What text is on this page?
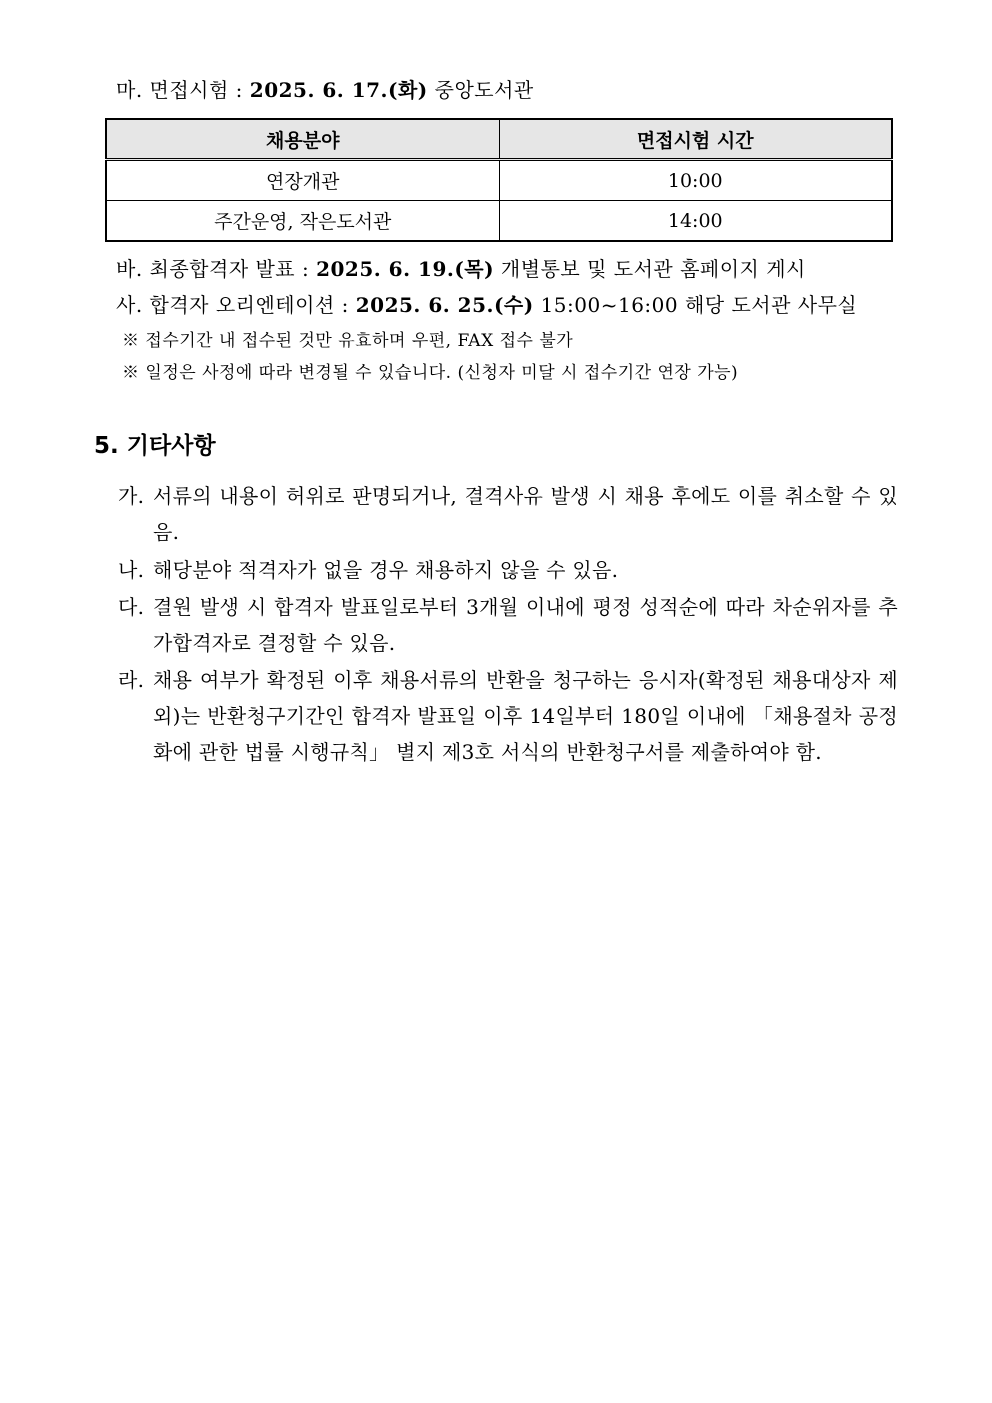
마. 면접시험 : 2025. 6. 17.(화) 중앙도서관
채용분야	면접시험 시간
연장개관	10:00
주간운영, 작은도서관	14:00
바. 최종합격자 발표 : 2025. 6. 19.(목) 개별통보 및 도서관 홈페이지 게시
사. 합격자 오리엔테이션 : 2025. 6. 25.(수) 15:00~16:00 해당 도서관 사무실
※ 접수기간 내 접수된 것만 유효하며 우편, FAX 접수 불가
※ 일정은 사정에 따라 변경될 수 있습니다. (신청자 미달 시 접수기간 연장 가능)
5. 기타사항
가. 서류의 내용이 허위로 판명되거나, 결격사유 발생 시 채용 후에도 이를 취소할 수 있음.
나. 해당분야 적격자가 없을 경우 채용하지 않을 수 있음.
다. 결원 발생 시 합격자 발표일로부터 3개월 이내에 평정 성적순에 따라 차순위자를 추가합격자로 결정할 수 있음.
라. 채용 여부가 확정된 이후 채용서류의 반환을 청구하는 응시자(확정된 채용대상자 제외)는 반환청구기간인 합격자 발표일 이후 14일부터 180일 이내에 「채용절차 공정화에 관한 법률 시행규칙」 별지 제3호 서식의 반환청구서를 제출하여야 함.
